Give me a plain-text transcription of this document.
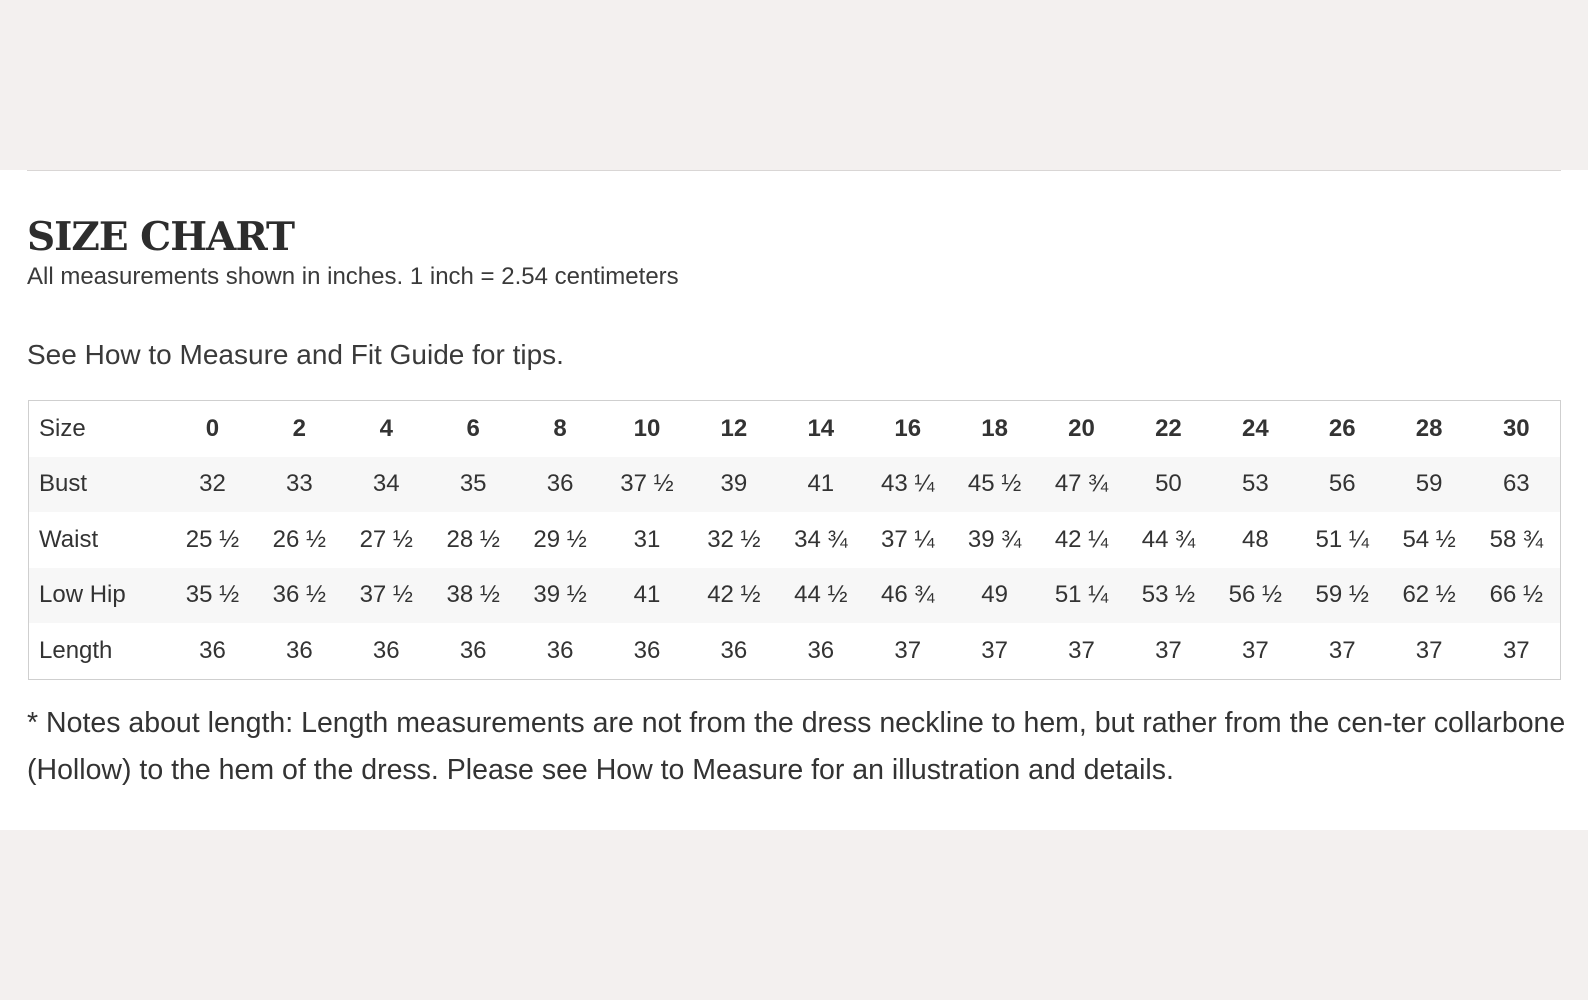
SIZE CHART
All measurements shown in inches. 1 inch = 2.54 centimeters
See How to Measure and Fit Guide for tips.
Size	0	2	4	6	8	10	12	14	16	18	20	22	24	26	28	30
Bust	32	33	34	35	36	37 ½	39	41	43 ¼	45 ½	47 ¾	50	53	56	59	63
Waist	25 ½	26 ½	27 ½	28 ½	29 ½	31	32 ½	34 ¾	37 ¼	39 ¾	42 ¼	44 ¾	48	51 ¼	54 ½	58 ¾
Low Hip	35 ½	36 ½	37 ½	38 ½	39 ½	41	42 ½	44 ½	46 ¾	49	51 ¼	53 ½	56 ½	59 ½	62 ½	66 ½
Length	36	36	36	36	36	36	36	36	37	37	37	37	37	37	37	37
* Notes about length: Length measurements are not from the dress neckline to hem, but rather from the cen-ter collarbone (Hollow) to the hem of the dress. Please see How to Measure for an illustration and details.
